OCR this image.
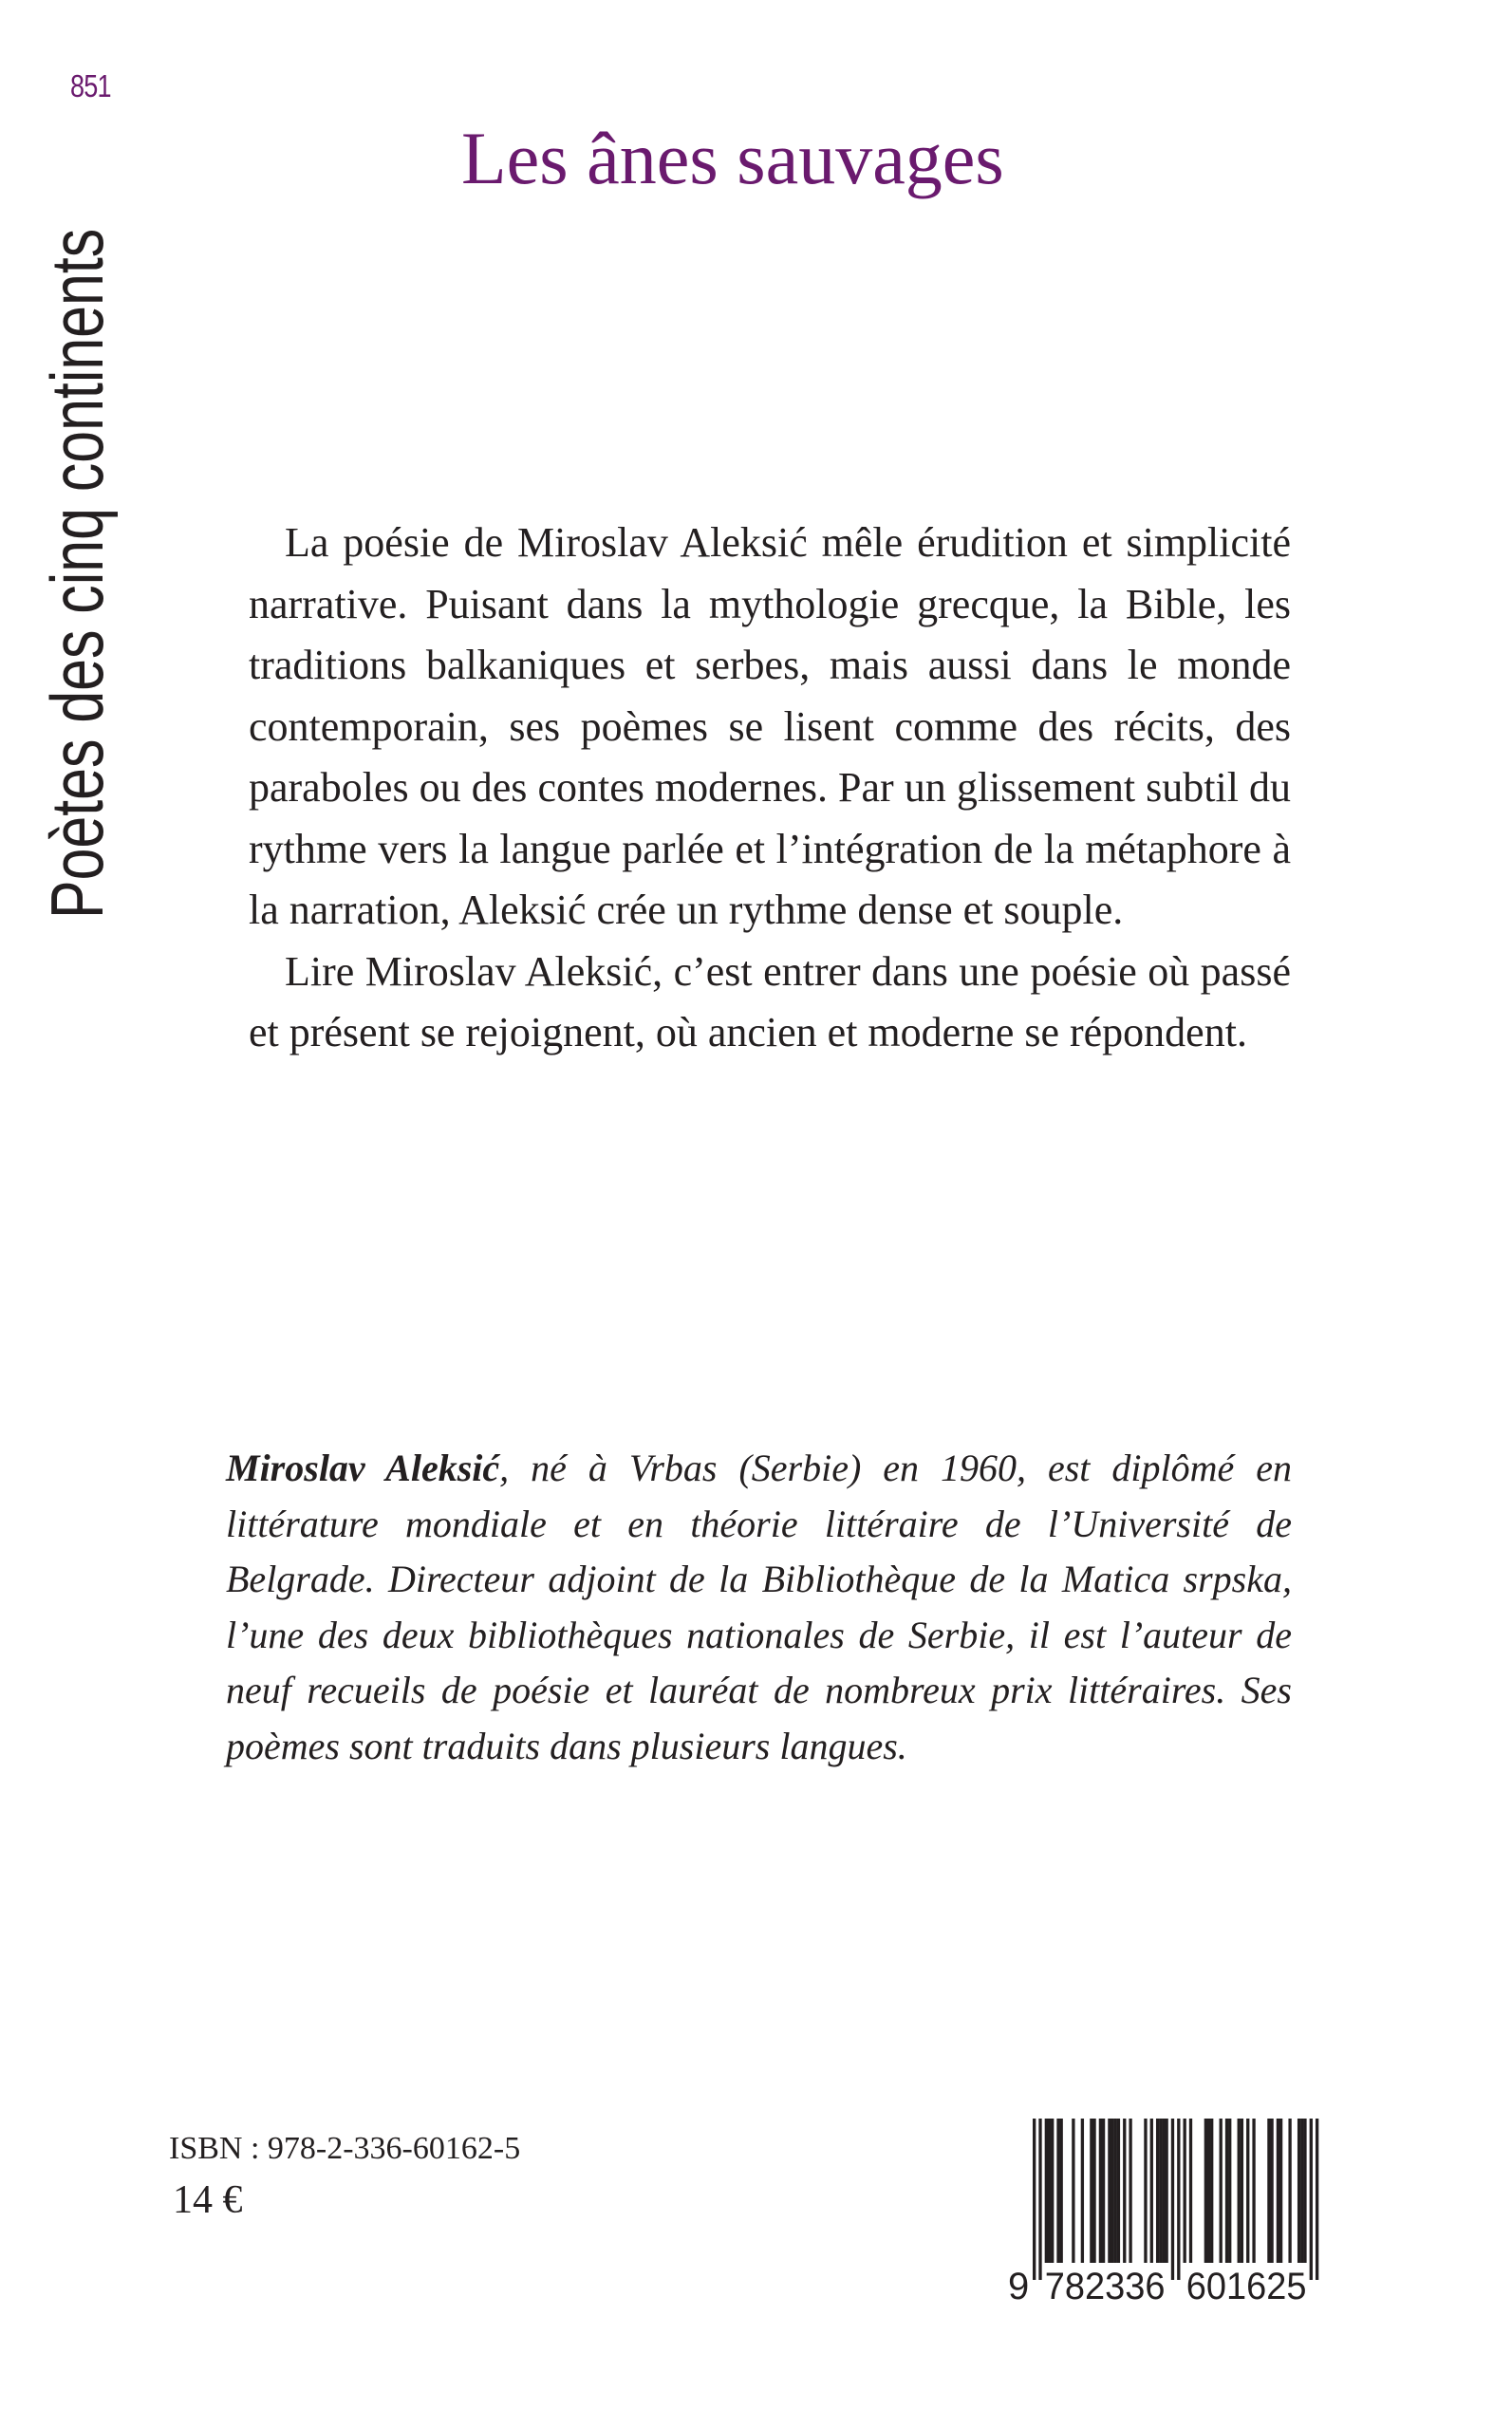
851
Poètes des cinq continents
Les ânes sauvages

La poésie de Miroslav Aleksić mêle érudition et simplicité narrative. Puisant dans la mythologie grecque, la Bible, les traditions balkaniques et serbes, mais aussi dans le monde contemporain, ses poèmes se lisent comme des récits, des paraboles ou des contes modernes. Par un glissement subtil du rythme vers la langue parlée et l’intégration de la métaphore à la narration, Aleksić crée un rythme dense et souple.

Lire Miroslav Aleksić, c’est entrer dans une poésie où passé et présent se rejoignent, où ancien et moderne se répondent.

Miroslav Aleksić, né à Vrbas (Serbie) en 1960, est diplômé en littérature mondiale et en théorie littéraire de l’Université de Belgrade. Directeur adjoint de la Bibliothèque de la Matica srpska, l’une des deux bibliothèques nationales de Serbie, il est l’auteur de neuf recueils de poésie et lauréat de nombreux prix littéraires. Ses poèmes sont traduits dans plusieurs langues.

ISBN : 978-2-336-60162-5
14 €
9 782336 601625
